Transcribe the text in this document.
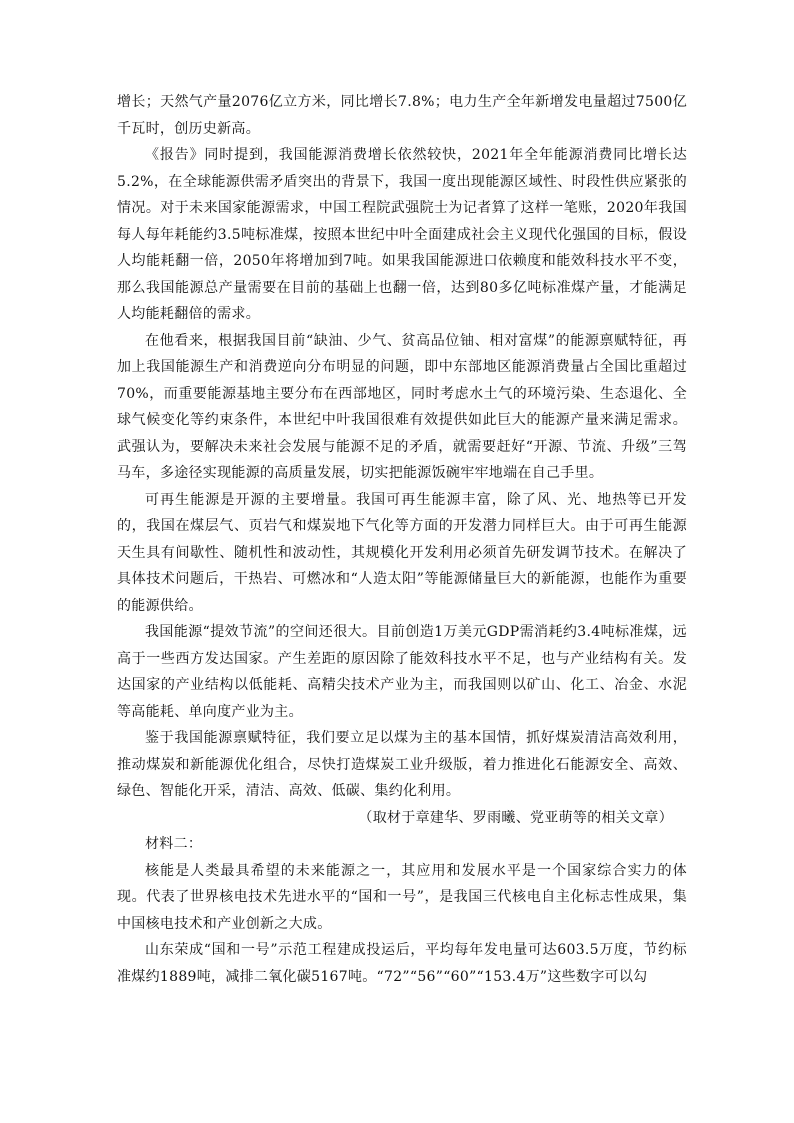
增长；天然气产量2076亿立方米，同比增长7.8%；电力生产全年新增发电量超过7500亿千瓦时，创历史新高。

《报告》同时提到，我国能源消费增长依然较快，2021年全年能源消费同比增长达5.2%，在全球能源供需矛盾突出的背景下，我国一度出现能源区域性、时段性供应紧张的情况。对于未来国家能源需求，中国工程院武强院士为记者算了这样一笔账，2020年我国每人每年耗能约3.5吨标准煤，按照本世纪中叶全面建成社会主义现代化强国的目标，假设人均能耗翻一倍，2050年将增加到7吨。如果我国能源进口依赖度和能效科技水平不变，那么我国能源总产量需要在目前的基础上也翻一倍，达到80多亿吨标准煤产量，才能满足人均能耗翻倍的需求。

在他看来，根据我国目前“缺油、少气、贫高品位铀、相对富煤”的能源禀赋特征，再加上我国能源生产和消费逆向分布明显的问题，即中东部地区能源消费量占全国比重超过70%，而重要能源基地主要分布在西部地区，同时考虑水土气的环境污染、生态退化、全球气候变化等约束条件，本世纪中叶我国很难有效提供如此巨大的能源产量来满足需求。武强认为，要解决未来社会发展与能源不足的矛盾，就需要赶好“开源、节流、升级”三驾马车，多途径实现能源的高质量发展，切实把能源饭碗牢牢地端在自己手里。

可再生能源是开源的主要增量。我国可再生能源丰富，除了风、光、地热等已开发的，我国在煤层气、页岩气和煤炭地下气化等方面的开发潜力同样巨大。由于可再生能源天生具有间歇性、随机性和波动性，其规模化开发利用必须首先研发调节技术。在解决了具体技术问题后，干热岩、可燃冰和“人造太阳”等能源储量巨大的新能源，也能作为重要的能源供给。

我国能源“提效节流”的空间还很大。目前创造1万美元GDP需消耗约3.4吨标准煤，远高于一些西方发达国家。产生差距的原因除了能效科技水平不足，也与产业结构有关。发达国家的产业结构以低能耗、高精尖技术产业为主，而我国则以矿山、化工、冶金、水泥等高能耗、单向度产业为主。

鉴于我国能源禀赋特征，我们要立足以煤为主的基本国情，抓好煤炭清洁高效利用，推动煤炭和新能源优化组合，尽快打造煤炭工业升级版，着力推进化石能源安全、高效、绿色、智能化开采，清洁、高效、低碳、集约化利用。

（取材于章建华、罗雨曦、党亚萌等的相关文章）

材料二：

核能是人类最具希望的未来能源之一，其应用和发展水平是一个国家综合实力的体现。代表了世界核电技术先进水平的“国和一号”，是我国三代核电自主化标志性成果，集中国核电技术和产业创新之大成。

山东荣成“国和一号”示范工程建成投运后，平均每年发电量可达603.5万度，节约标准煤约1889吨，减排二氧化碳5167吨。“72”“56”“60”“153.4万”这些数字可以勾
